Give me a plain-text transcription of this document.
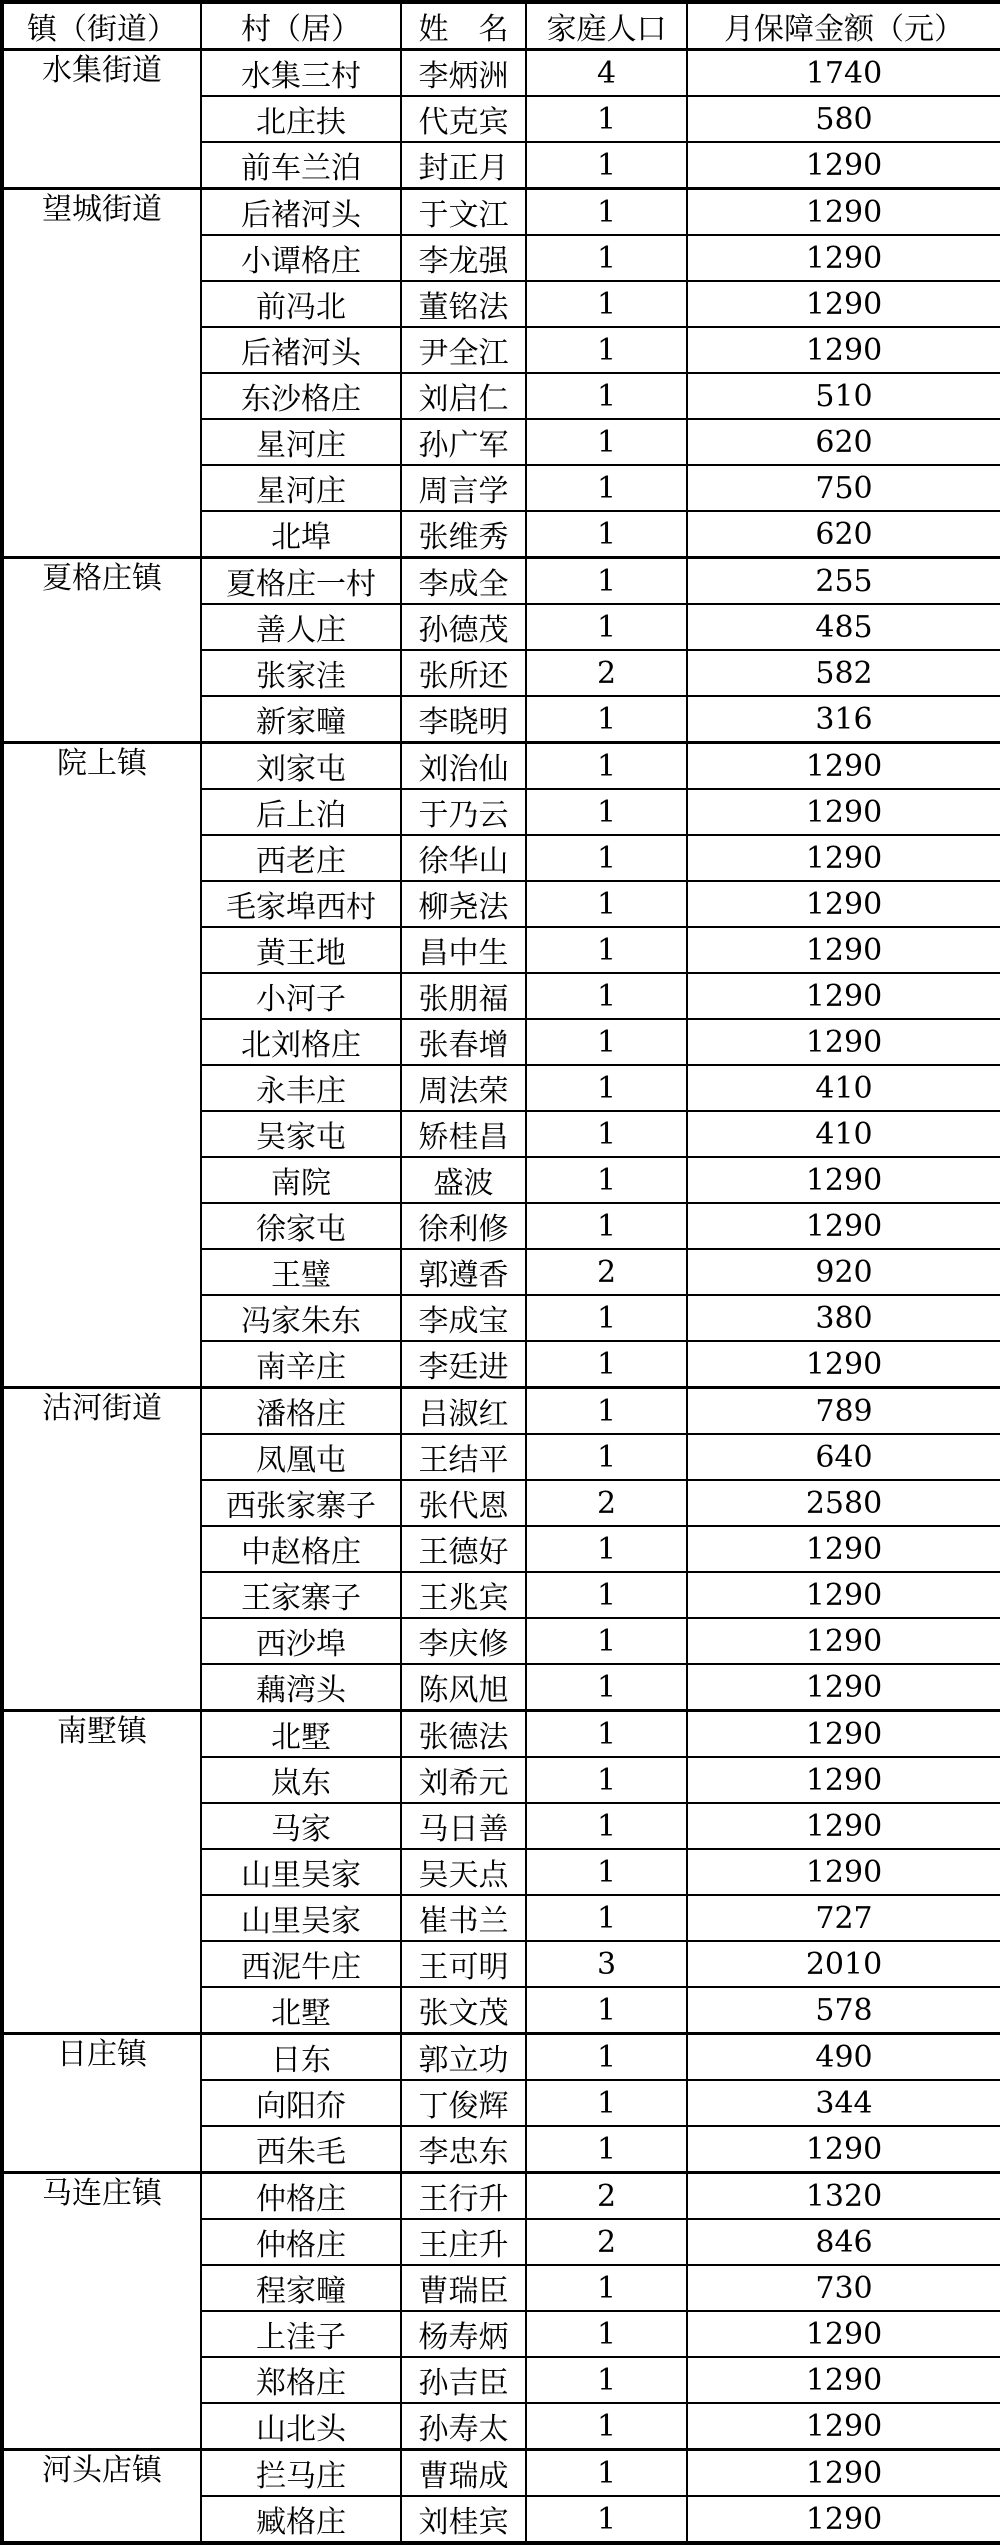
镇（街道）	村（居）	姓　名	家庭人口	月保障金额（元）
水集街道	水集三村	李炳洲	4	1740
	北庄扶	代克宾	1	580
	前车兰泊	封正月	1	1290
望城街道	后褚河头	于文江	1	1290
	小谭格庄	李龙强	1	1290
	前冯北	董铭法	1	1290
	后褚河头	尹全江	1	1290
	东沙格庄	刘启仁	1	510
	星河庄	孙广军	1	620
	星河庄	周言学	1	750
	北埠	张维秀	1	620
夏格庄镇	夏格庄一村	李成全	1	255
	善人庄	孙德茂	1	485
	张家洼	张所还	2	582
	新家疃	李晓明	1	316
院上镇	刘家屯	刘治仙	1	1290
	后上泊	于乃云	1	1290
	西老庄	徐华山	1	1290
	毛家埠西村	柳尧法	1	1290
	黄王地	昌中生	1	1290
	小河子	张朋福	1	1290
	北刘格庄	张春增	1	1290
	永丰庄	周法荣	1	410
	吴家屯	矫桂昌	1	410
	南院	盛波	1	1290
	徐家屯	徐利修	1	1290
	王璧	郭遵香	2	920
	冯家朱东	李成宝	1	380
	南辛庄	李廷进	1	1290
沽河街道	潘格庄	吕淑红	1	789
	凤凰屯	王结平	1	640
	西张家寨子	张代恩	2	2580
	中赵格庄	王德好	1	1290
	王家寨子	王兆宾	1	1290
	西沙埠	李庆修	1	1290
	藕湾头	陈风旭	1	1290
南墅镇	北墅	张德法	1	1290
	岚东	刘希元	1	1290
	马家	马日善	1	1290
	山里吴家	吴天点	1	1290
	山里吴家	崔书兰	1	727
	西泥牛庄	王可明	3	2010
	北墅	张文茂	1	578
日庄镇	日东	郭立功	1	490
	向阳夼	丁俊辉	1	344
	西朱毛	李忠东	1	1290
马连庄镇	仲格庄	王行升	2	1320
	仲格庄	王庄升	2	846
	程家疃	曹瑞臣	1	730
	上洼子	杨寿炳	1	1290
	郑格庄	孙吉臣	1	1290
	山北头	孙寿太	1	1290
河头店镇	拦马庄	曹瑞成	1	1290
	臧格庄	刘桂宾	1	1290
